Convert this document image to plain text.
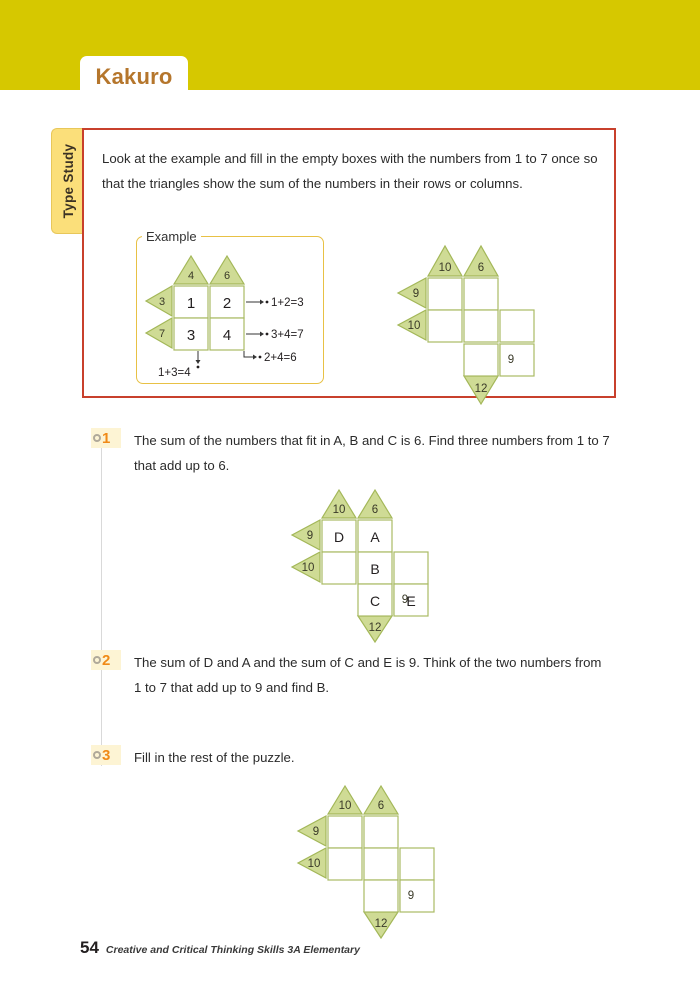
Kakuro
Type Study	Look at the example and fill in the empty boxes with the numbers from 1 to 7 once so that the triangles show the sum of the numbers in their rows or columns.
Example
4	6
3
7
1 2
3 4
1+2=3
3+4=7
2+4=6
1+3=4
10 6
9
10
9
12
1 The sum of the numbers that fit in A, B and C is 6. Find three numbers from 1 to 7 that add up to 6.
10 6
9
10
9
12
D A
B
C E
2 The sum of D and A and the sum of C and E is 9. Think of the two numbers from 1 to 7 that add up to 9 and find B.
3 Fill in the rest of the puzzle.
10 6
9
10
9
12
54 Creative and Critical Thinking Skills 3A Elementary
